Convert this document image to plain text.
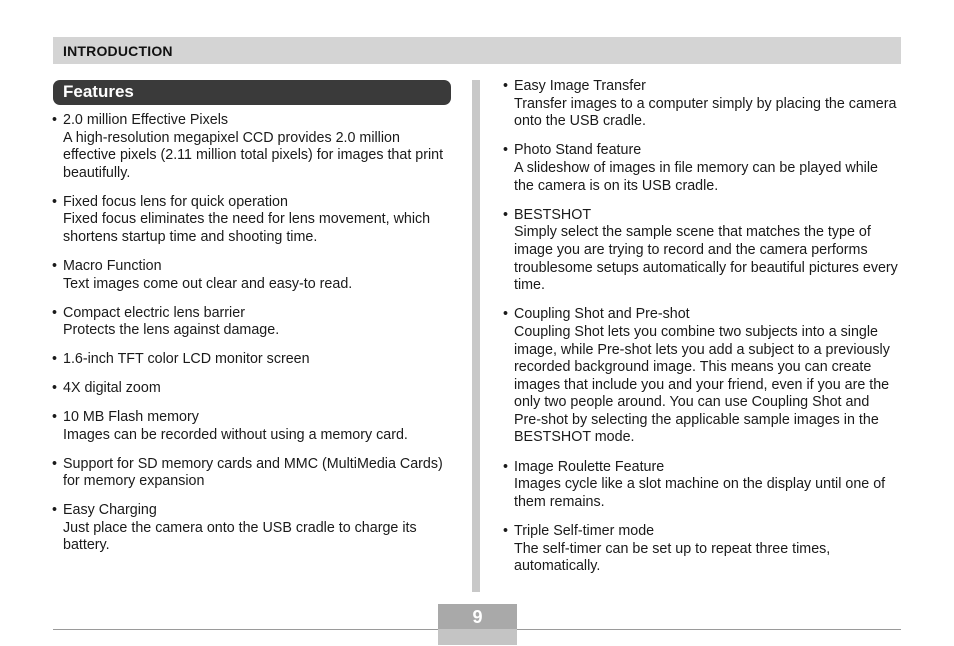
INTRODUCTION
Features
• 2.0 million Effective Pixels
A high-resolution megapixel CCD provides 2.0 million effective pixels (2.11 million total pixels) for images that print beautifully.
• Fixed focus lens for quick operation
Fixed focus eliminates the need for lens movement, which shortens startup time and shooting time.
• Macro Function
Text images come out clear and easy-to read.
• Compact electric lens barrier
Protects the lens against damage.
• 1.6-inch TFT color LCD monitor screen
• 4X digital zoom
• 10 MB Flash memory
Images can be recorded without using a memory card.
• Support for SD memory cards and MMC (MultiMedia Cards) for memory expansion
• Easy Charging
Just place the camera onto the USB cradle to charge its battery.
• Easy Image Transfer
Transfer images to a computer simply by placing the camera onto the USB cradle.
• Photo Stand feature
A slideshow of images in file memory can be played while the camera is on its USB cradle.
• BESTSHOT
Simply select the sample scene that matches the type of image you are trying to record and the camera performs troublesome setups automatically for beautiful pictures every time.
• Coupling Shot and Pre-shot
Coupling Shot lets you combine two subjects into a single image, while Pre-shot lets you add a subject to a previously recorded background image. This means you can create images that include you and your friend, even if you are the only two people around. You can use Coupling Shot and Pre-shot by selecting the applicable sample images in the BESTSHOT mode.
• Image Roulette Feature
Images cycle like a slot machine on the display until one of them remains.
• Triple Self-timer mode
The self-timer can be set up to repeat three times, automatically.
9
